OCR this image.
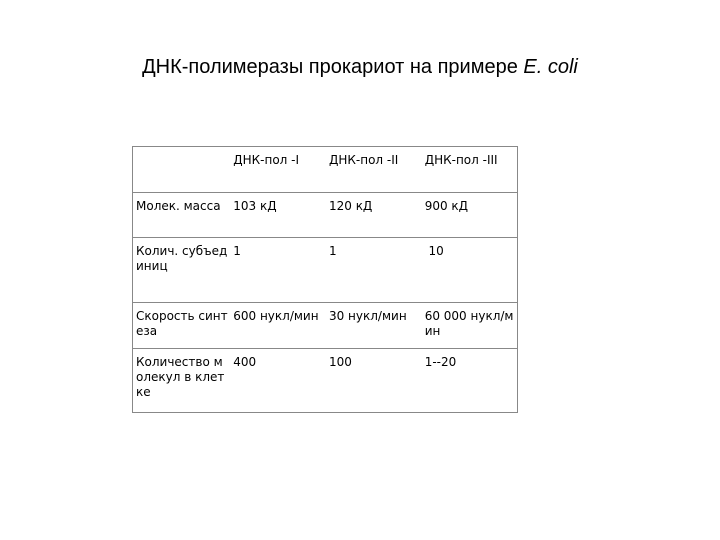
ДНК-полимеразы прокариот на примере E. coli
	ДНК-пол -I	ДНК-пол -II	ДНК-пол -III
Молек. масса	103 кД	120 кД	900 кД
Колич. субъединиц	1	1	10
Скорость синтеза	600 нукл/мин	30 нукл/мин	60 000 нукл/мин
Количество молекул в клетке	400	100	1--20
